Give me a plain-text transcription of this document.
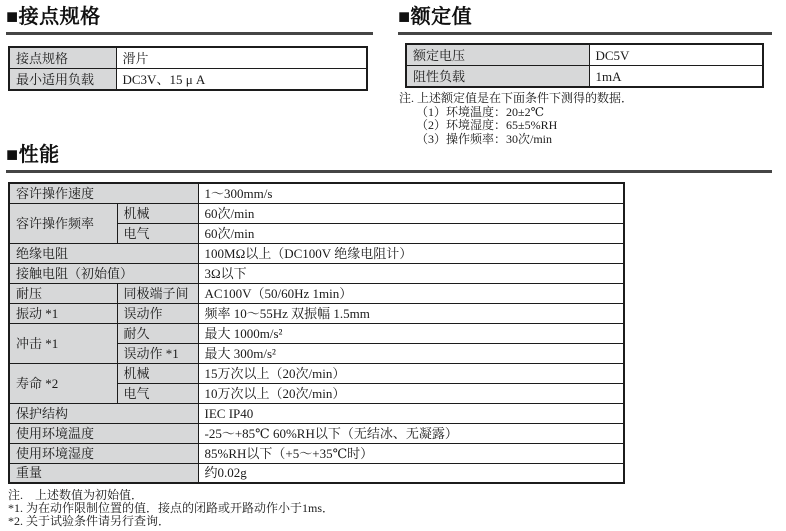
■接点规格
接点规格	滑片
最小适用负载	DC3V、15 μ A
■额定值
额定电压	DC5V
阻性负载	1mA
注. 上述额定值是在下面条件下测得的数据．
（1）环境温度：20±2℃
（2）环境湿度：65±5%RH
（3）操作频率：30次/min
■性能
容许操作速度		1～300mm/s
容许操作频率	机械	60次/min
	电气	60次/min
绝缘电阻		100MΩ以上（DC100V 绝缘电阻计）
接触电阻（初始值）		3Ω以下
耐压	同极端子间	AC100V（50/60Hz 1min）
振动 *1	误动作	频率 10～55Hz 双振幅 1.5mm
冲击 *1	耐久	最大 1000m/s²
	误动作 *1	最大 300m/s²
寿命 *2	机械	15万次以上（20次/min）
	电气	10万次以上（20次/min）
保护结构		IEC IP40
使用环境温度		-25～+85℃ 60%RH以下（无结冰、无凝露）
使用环境湿度		85%RH以下（+5～+35℃时）
重量		约0.02g
注.　上述数值为初始值．
*1. 为在动作限制位置的值．接点的闭路或开路动作小于1ms．
*2. 关于试验条件请另行查询．
